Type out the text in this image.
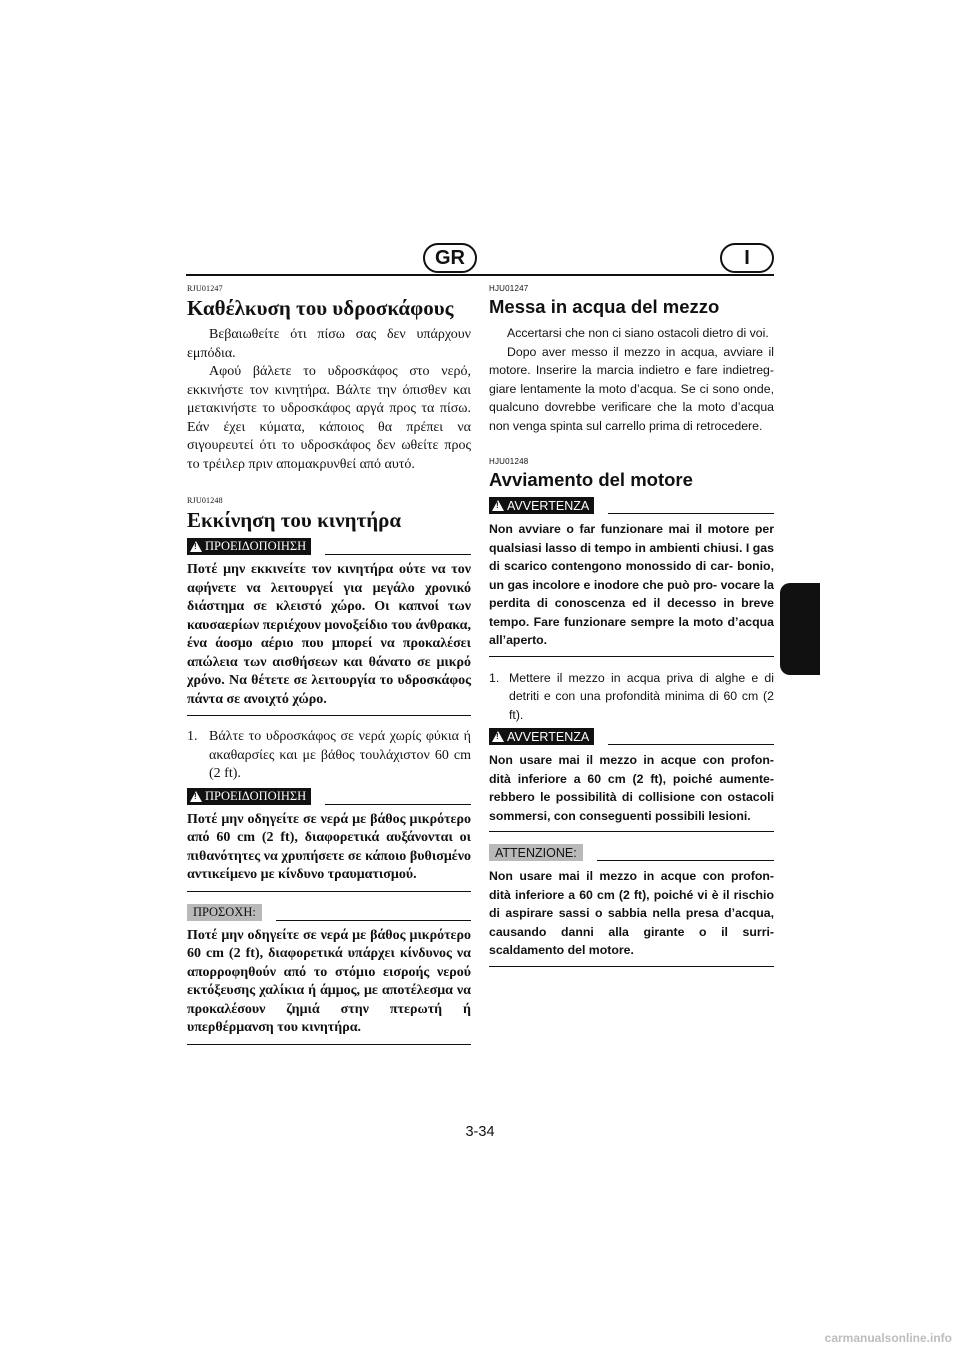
GR	I
RJU01247
Καθέλκυση του υδροσκάφους

Βεβαιωθείτε ότι πίσω σας δεν υπάρχουν εμπόδια.

Αφού βάλετε το υδροσκάφος στο νερό, εκκινήστε τον κινητήρα. Βάλτε την όπισθεν και μετακινήστε το υδροσκάφος αργά προς τα πίσω. Εάν έχει κύματα, κάποιος θα πρέπει να σιγουρευτεί ότι το υδροσκάφος δεν ωθείτε προς το τρέιλερ πριν απομακρυνθεί από αυτό.

RJU01248
Εκκίνηση του κινητήρα
!
ΠΡΟΕΙΔΟΠΟΙΗΣΗ

Ποτέ μην εκκινείτε τον κινητήρα ούτε να τον αφήνετε να λειτουργεί για μεγάλο χρονικό διάστημα σε κλειστό χώρο. Οι καπνοί των καυσαερίων περιέχουν μονοξείδιο του άνθρακα, ένα άοσμο αέριο που μπορεί να προκαλέσει απώλεια των αισθήσεων και θάνατο σε μικρό χρόνο. Να θέτετε σε λειτουργία το υδροσκάφος πάντα σε ανοιχτό χώρο.

1. Βάλτε το υδροσκάφος σε νερά χωρίς φύκια ή ακαθαρσίες και με βάθος τουλάχιστον 60 cm (2 ft).
!
ΠΡΟΕΙΔΟΠΟΙΗΣΗ

Ποτέ μην οδηγείτε σε νερά με βάθος μικρότερο από 60 cm (2 ft), διαφορετικά αυξάνονται οι πιθανότητες να χρυπήσετε σε κάποιο βυθισμένο αντικείμενο με κίνδυνο τραυματισμού.

ΠΡΟΣΟΧΗ:

Ποτέ μην οδηγείτε σε νερά με βάθος μικρότερο 60 cm (2 ft), διαφορετικά υπάρχει κίνδυνος να απορροφηθούν από το στόμιο εισροής νερού εκτόξευσης χαλίκια ή άμμος, με αποτέλεσμα να προκαλέσουν ζημιά στην πτερωτή ή υπερθέρμανση του κινητήρα.

HJU01247
Messa in acqua del mezzo

Accertarsi che non ci siano ostacoli dietro di voi.

Dopo aver messo il mezzo in acqua, avviare il motore. Inserire la marcia indietro e fare indietreg- giare lentamente la moto d’acqua. Se ci sono onde, qualcuno dovrebbe verificare che la moto d’acqua non venga spinta sul carrello prima di retrocedere.

HJU01248
Avviamento del motore
!
AVVERTENZA

Non avviare o far funzionare mai il motore per qualsiasi lasso di tempo in ambienti chiusi. I gas di scarico contengono monossido di car- bonio, un gas incolore e inodore che può pro- vocare la perdita di conoscenza ed il decesso in breve tempo. Fare funzionare sempre la moto d’acqua all’aperto.

1. Mettere il mezzo in acqua priva di alghe e di detriti e con una profondità minima di 60 cm (2 ft).
!
AVVERTENZA

Non usare mai il mezzo in acque con profon- dità inferiore a 60 cm (2 ft), poiché aumente- rebbero le possibilità di collisione con ostacoli sommersi, con conseguenti possibili lesioni.

ATTENZIONE:

Non usare mai il mezzo in acque con profon- dità inferiore a 60 cm (2 ft), poiché vi è il rischio di aspirare sassi o sabbia nella presa d’acqua, causando danni alla girante o il surri- scaldamento del motore.

3-34
carmanualsonline.info
